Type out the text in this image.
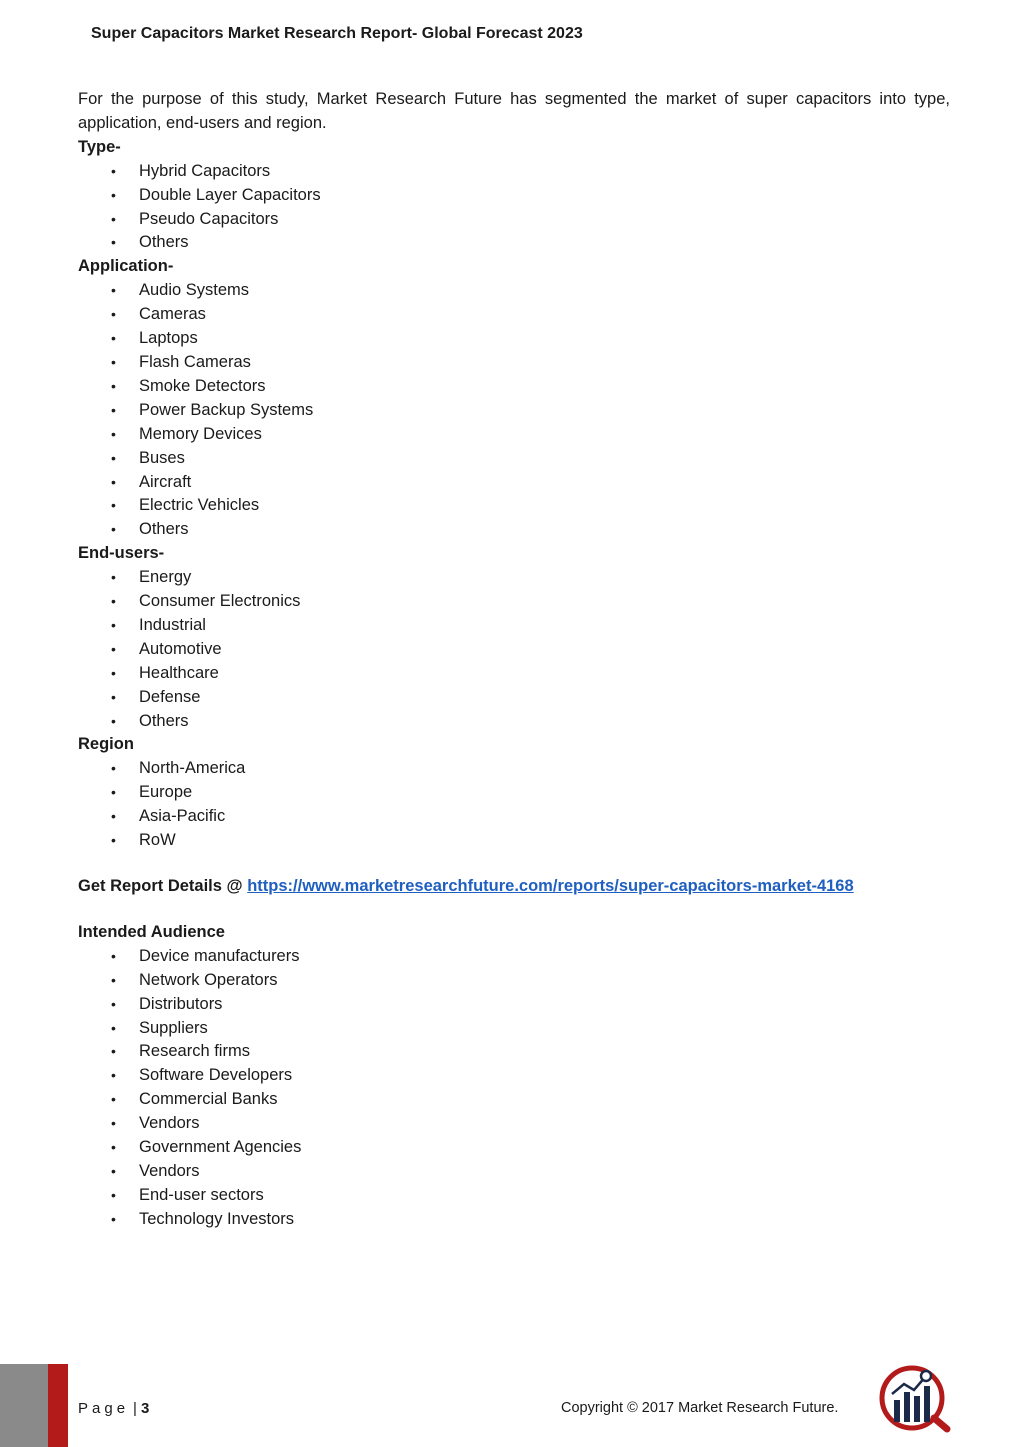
Super Capacitors Market Research Report- Global Forecast 2023

For the purpose of this study, Market Research Future has segmented the market of super capacitors into type, application, end-users and region.

Type-

• Hybrid Capacitors
• Double Layer Capacitors
• Pseudo Capacitors
• Others

Application-

• Audio Systems
• Cameras
• Laptops
• Flash Cameras
• Smoke Detectors
• Power Backup Systems
• Memory Devices
• Buses
• Aircraft
• Electric Vehicles
• Others

End-users-

• Energy
• Consumer Electronics
• Industrial
• Automotive
• Healthcare
• Defense
• Others

Region

• North-America
• Europe
• Asia-Pacific
• RoW

Get Report Details @ https://www.marketresearchfuture.com/reports/super-capacitors-market-4168

Intended Audience

• Device manufacturers
• Network Operators
• Distributors
• Suppliers
• Research firms
• Software Developers
• Commercial Banks
• Vendors
• Government Agencies
• Vendors
• End-user sectors
• Technology Investors
Page | 3	Copyright © 2017 Market Research Future.
